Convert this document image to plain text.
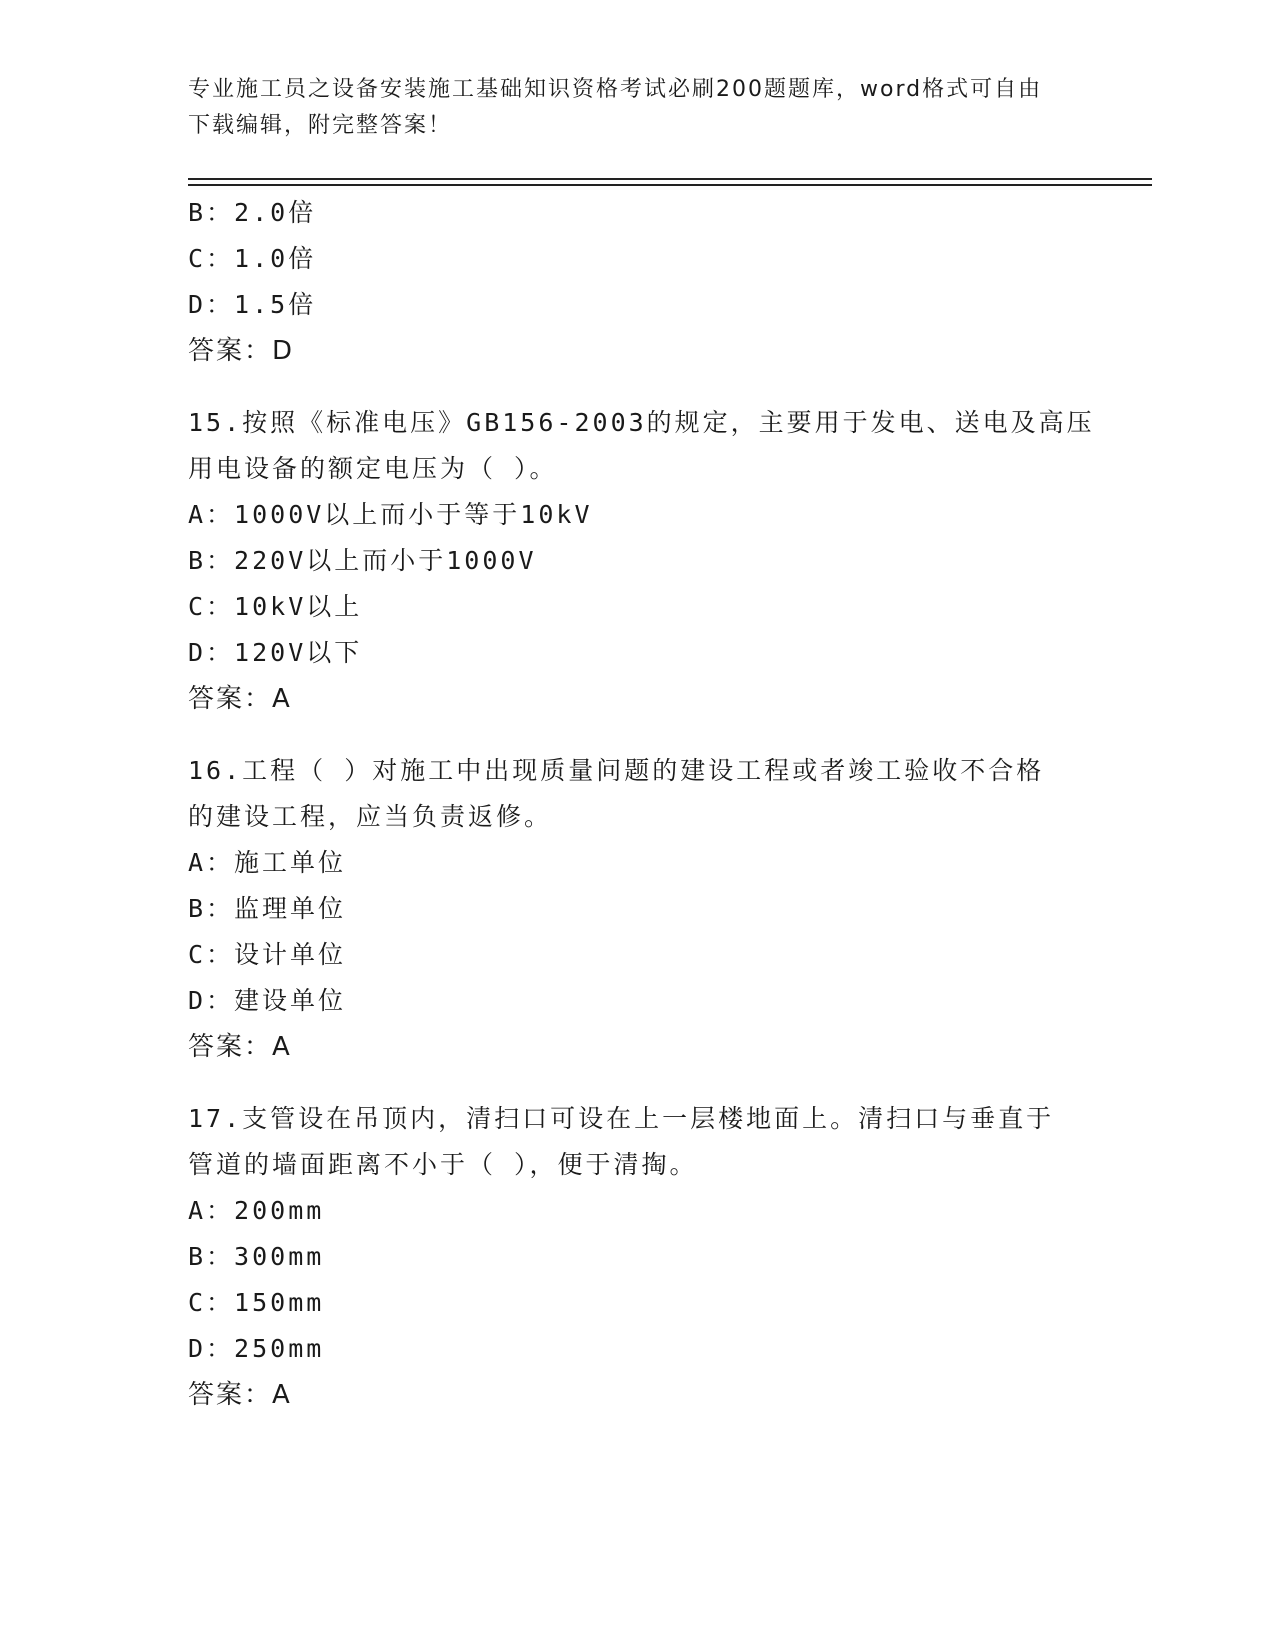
专业施工员之设备安装施工基础知识资格考试必刷200题题库，word格式可自由
下载编辑，附完整答案！
B：2.0倍
C：1.0倍
D：1.5倍
答案：D
15.按照《标准电压》GB156-2003的规定，主要用于发电、送电及高压
用电设备的额定电压为（ ）。
A：1000V以上而小于等于10kV
B：220V以上而小于1000V
C：10kV以上
D：120V以下
答案：A
16.工程（ ）对施工中出现质量问题的建设工程或者竣工验收不合格
的建设工程，应当负责返修。
A：施工单位
B：监理单位
C：设计单位
D：建设单位
答案：A
17.支管设在吊顶内，清扫口可设在上一层楼地面上。清扫口与垂直于
管道的墙面距离不小于（ ），便于清掏。
A：200mm
B：300mm
C：150mm
D：250mm
答案：A
